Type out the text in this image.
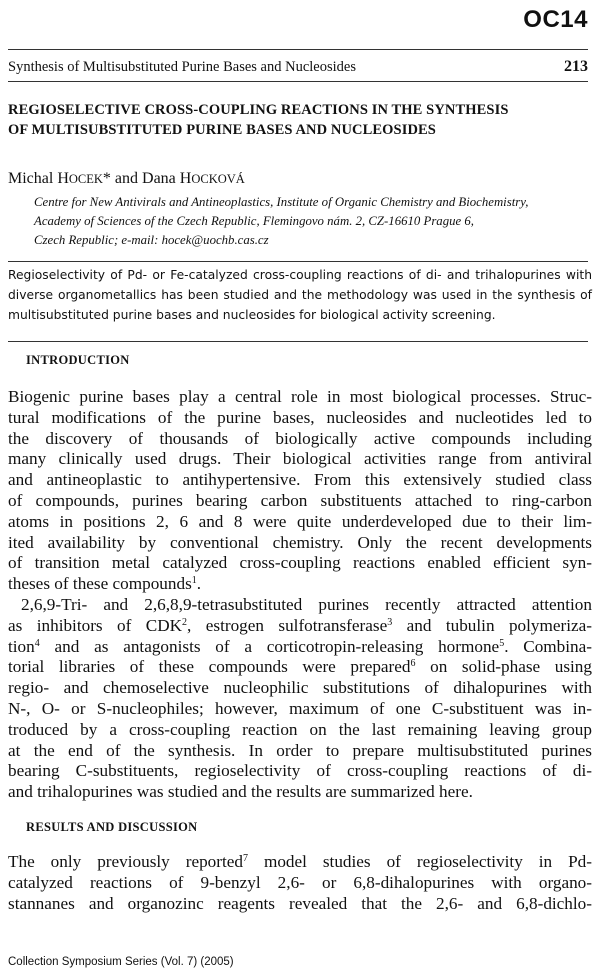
OC14
Synthesis of Multisubstituted Purine Bases and Nucleosides	213
REGIOSELECTIVE CROSS-COUPLING REACTIONS IN THE SYNTHESIS
OF MULTISUBSTITUTED PURINE BASES AND NUCLEOSIDES
Michal HOCEK* and Dana HOCKOVÁ
Centre for New Antivirals and Antineoplastics, Institute of Organic Chemistry and Biochemistry,
Academy of Sciences of the Czech Republic, Flemingovo nám. 2, CZ-16610 Prague 6,
Czech Republic; e-mail: hocek@uochb.cas.cz
Regioselectivity of Pd- or Fe-catalyzed cross-coupling reactions of di- and trihalopurines with
diverse organometallics has been studied and the methodology was used in the synthesis of
multisubstituted purine bases and nucleosides for biological activity screening.
INTRODUCTION
Biogenic purine bases play a central role in most biological processes. Struc-
tural modifications of the purine bases, nucleosides and nucleotides led to
the discovery of thousands of biologically active compounds including
many clinically used drugs. Their biological activities range from antiviral
and antineoplastic to antihypertensive. From this extensively studied class
of compounds, purines bearing carbon substituents attached to ring-carbon
atoms in positions 2, 6 and 8 were quite underdeveloped due to their lim-
ited availability by conventional chemistry. Only the recent developments
of transition metal catalyzed cross-coupling reactions enabled efficient syn-
theses of these compounds$^1$.
2,6,9-Tri- and 2,6,8,9-tetrasubstituted purines recently attracted attention
as inhibitors of CDK$^2$, estrogen sulfotransferase$^3$ and tubulin polymeriza-
tion$^4$ and as antagonists of a corticotropin-releasing hormone$^5$. Combina-
torial libraries of these compounds were prepared$^6$ on solid-phase using
regio- and chemoselective nucleophilic substitutions of dihalopurines with
N-, O- or S-nucleophiles; however, maximum of one C-substituent was in-
troduced by a cross-coupling reaction on the last remaining leaving group
at the end of the synthesis. In order to prepare multisubstituted purines
bearing C-substituents, regioselectivity of cross-coupling reactions of di-
and trihalopurines was studied and the results are summarized here.
RESULTS AND DISCUSSION
The only previously reported$^7$ model studies of regioselectivity in Pd-
catalyzed reactions of 9-benzyl 2,6- or 6,8-dihalopurines with organo-
stannanes and organozinc reagents revealed that the 2,6- and 6,8-dichlo-
Collection Symposium Series (Vol. 7) (2005)
